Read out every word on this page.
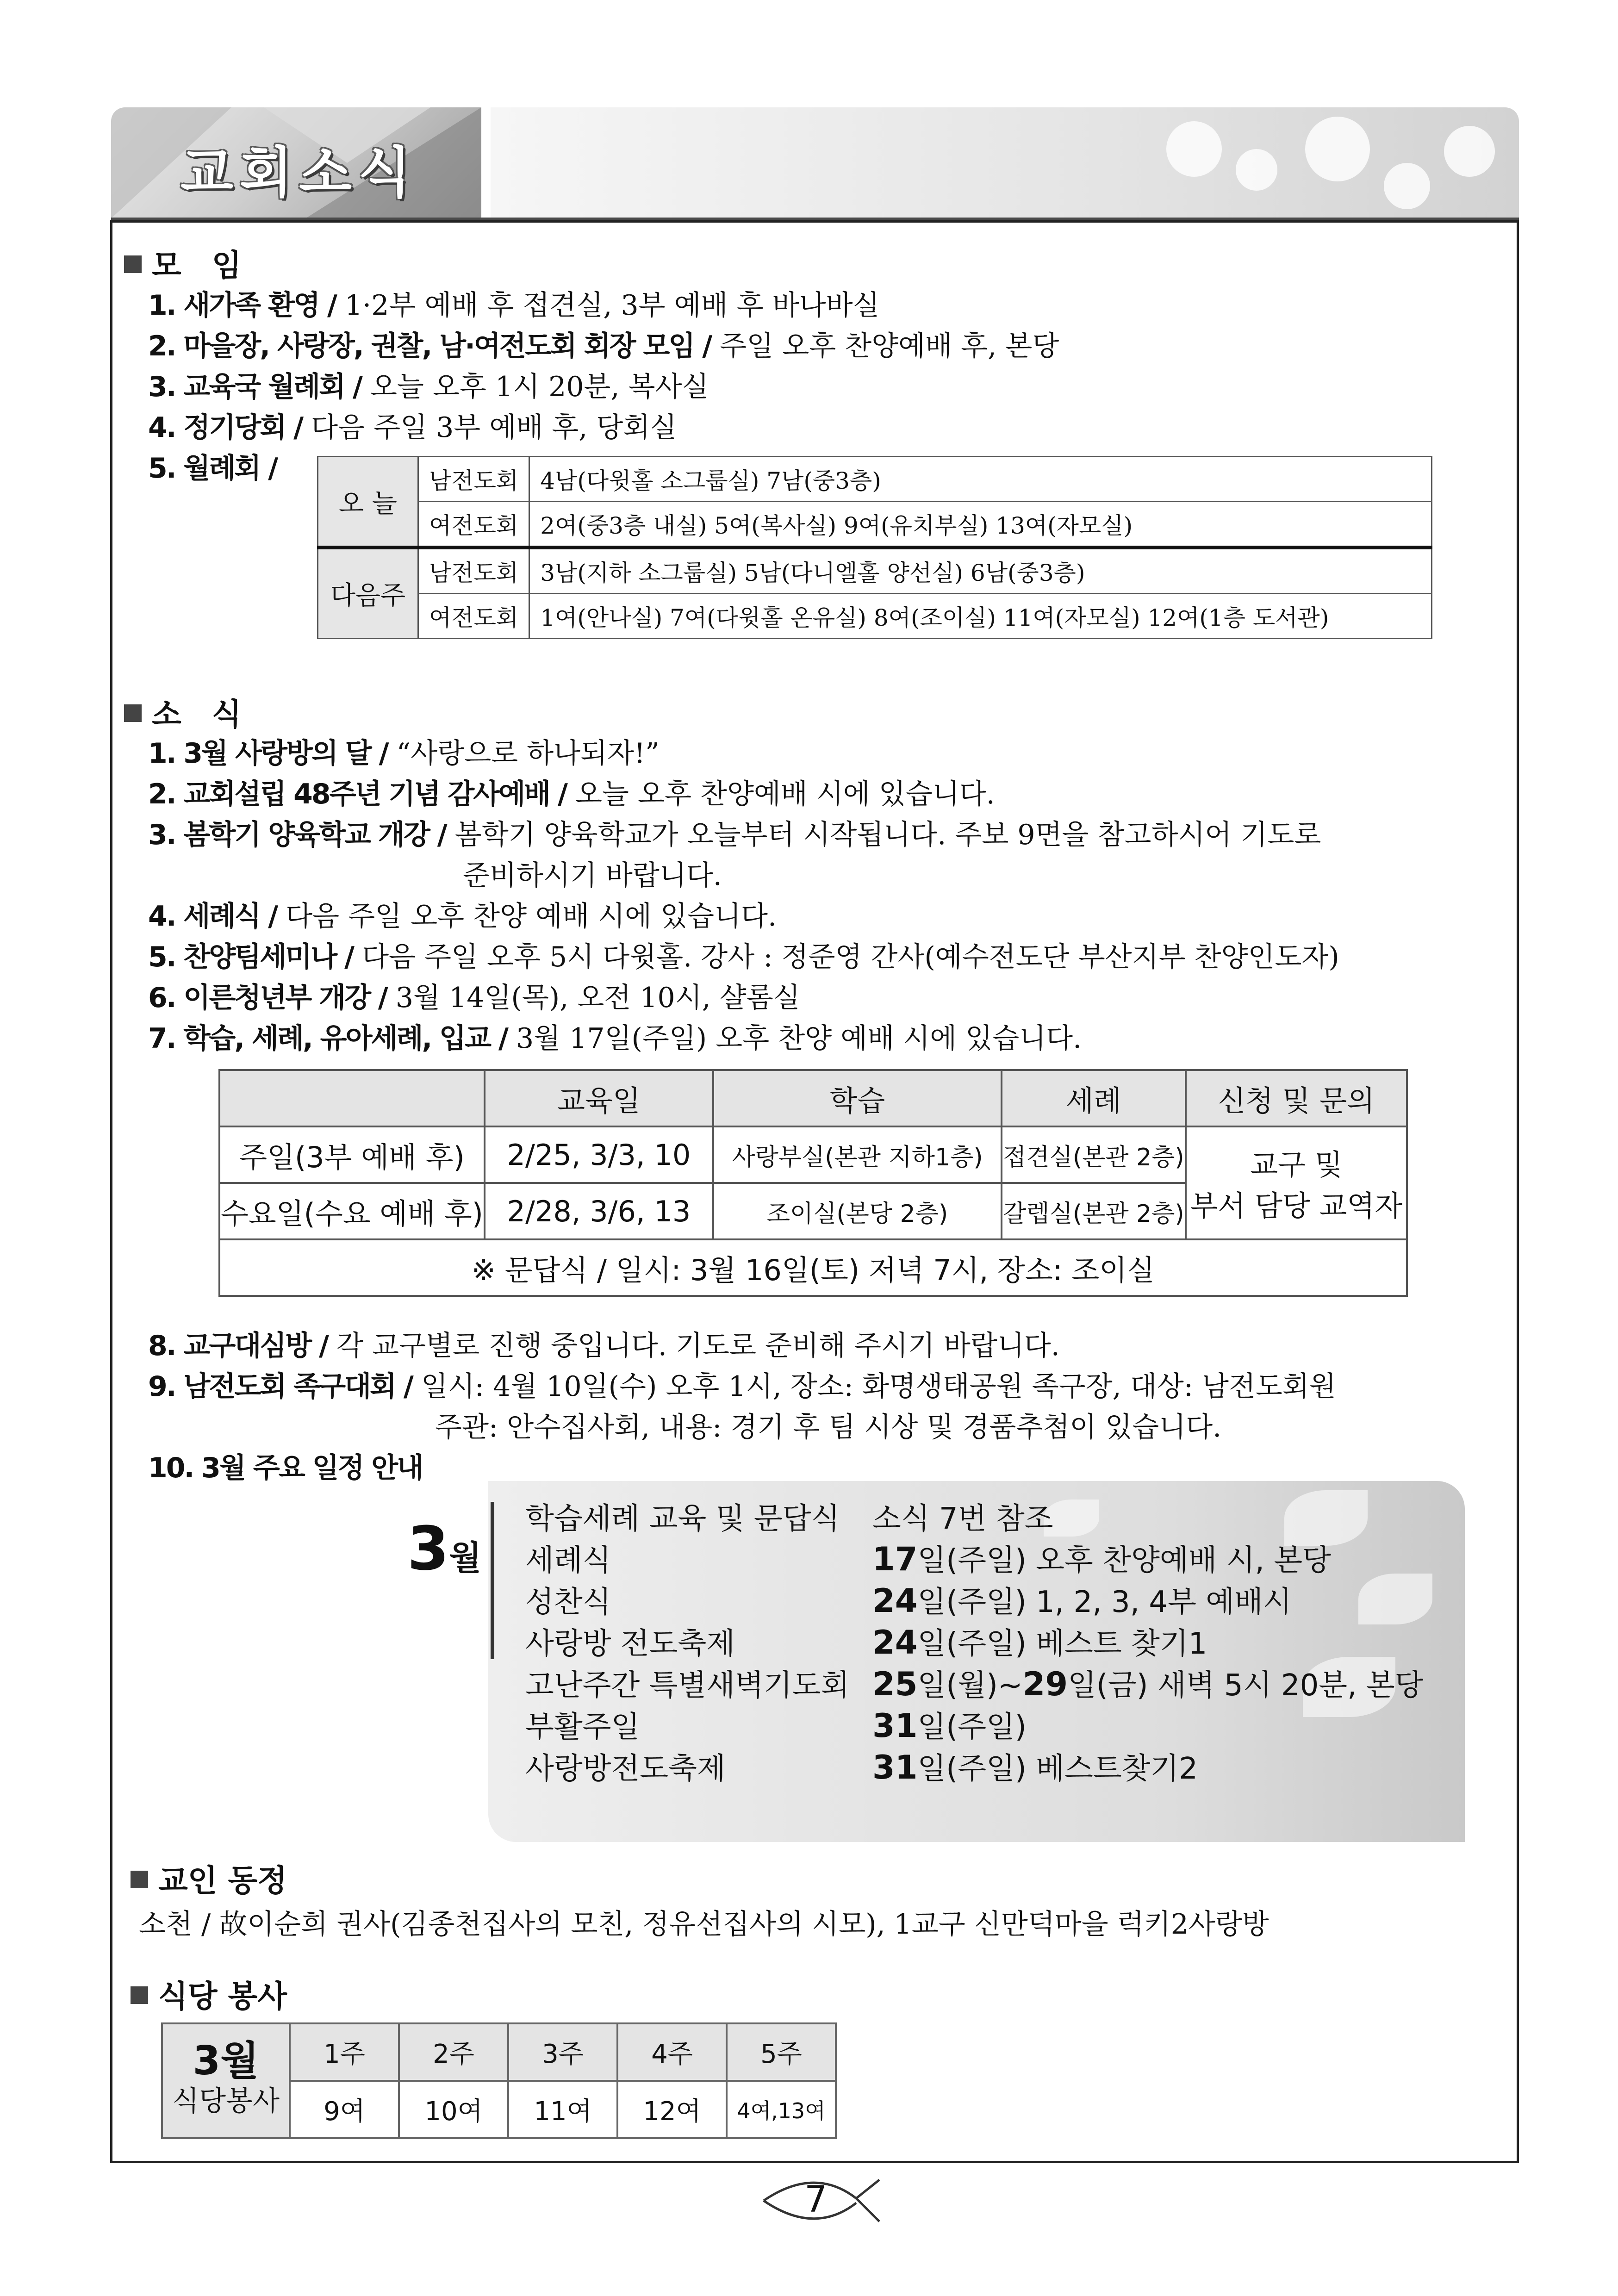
교회소식
모　임
1. 새가족 환영 / 1·2부 예배 후 접견실, 3부 예배 후 바나바실
2. 마을장, 사랑장, 권찰, 남·여전도회 회장 모임 / 주일 오후 찬양예배 후, 본당
3. 교육국 월례회 / 오늘 오후 1시 20분, 복사실
4. 정기당회 / 다음 주일 3부 예배 후, 당회실
5. 월례회 /
오 늘	남전도회	4남(다윗홀 소그룹실) 7남(중3층)
	여전도회	2여(중3층 내실) 5여(복사실) 9여(유치부실) 13여(자모실)
다음주	남전도회	3남(지하 소그룹실) 5남(다니엘홀 양선실) 6남(중3층)
	여전도회	1여(안나실) 7여(다윗홀 온유실) 8여(조이실) 11여(자모실) 12여(1층 도서관)
소　식
1. 3월 사랑방의 달 / “사랑으로 하나되자!”
2. 교회설립 48주년 기념 감사예배 / 오늘 오후 찬양예배 시에 있습니다.
3. 봄학기 양육학교 개강 / 봄학기 양육학교가 오늘부터 시작됩니다. 주보 9면을 참고하시어 기도로
준비하시기 바랍니다.
4. 세례식 / 다음 주일 오후 찬양 예배 시에 있습니다.
5. 찬양팀세미나 / 다음 주일 오후 5시 다윗홀. 강사 : 정준영 간사(예수전도단 부산지부 찬양인도자)
6. 이른청년부 개강 / 3월 14일(목), 오전 10시, 샬롬실
7. 학습, 세례, 유아세례, 입교 / 3월 17일(주일) 오후 찬양 예배 시에 있습니다.
	교육일	학습	세례	신청 및 문의
주일(3부 예배 후)	2/25, 3/3, 10	사랑부실(본관 지하1층)	접견실(본관 2층)	교구 및
부서 담당 교역자

수요일(수요 예배 후)	2/28, 3/6, 13	조이실(본당 2층)	갈렙실(본관 2층)	
※ 문답식 / 일시: 3월 16일(토) 저녁 7시, 장소: 조이실				
8. 교구대심방 / 각 교구별로 진행 중입니다. 기도로 준비해 주시기 바랍니다.
9. 남전도회 족구대회 / 일시: 4월 10일(수) 오후 1시, 장소: 화명생태공원 족구장, 대상: 남전도회원
주관: 안수집사회, 내용: 경기 후 팀 시상 및 경품추첨이 있습니다.
10. 3월 주요 일정 안내
3월
학습세례 교육 및 문답식 소식 7번 참조
세례식	17일(주일) 오후 찬양예배 시, 본당
성찬식	24일(주일) 1, 2, 3, 4부 예배시
사랑방 전도축제	24일(주일) 베스트 찾기1
고난주간 특별새벽기도회 25일(월)~29일(금) 새벽 5시 20분, 본당
부활주일	31일(주일)
사랑방전도축제	31일(주일) 베스트찾기2
교인 동정
소천 / 故이순희 권사(김종천집사의 모친, 정유선집사의 시모), 1교구 신만덕마을 럭키2사랑방
식당 봉사
3월
식당봉사	1주	2주	3주	4주	5주
	9여	10여	11여	12여	4여,13여
7
